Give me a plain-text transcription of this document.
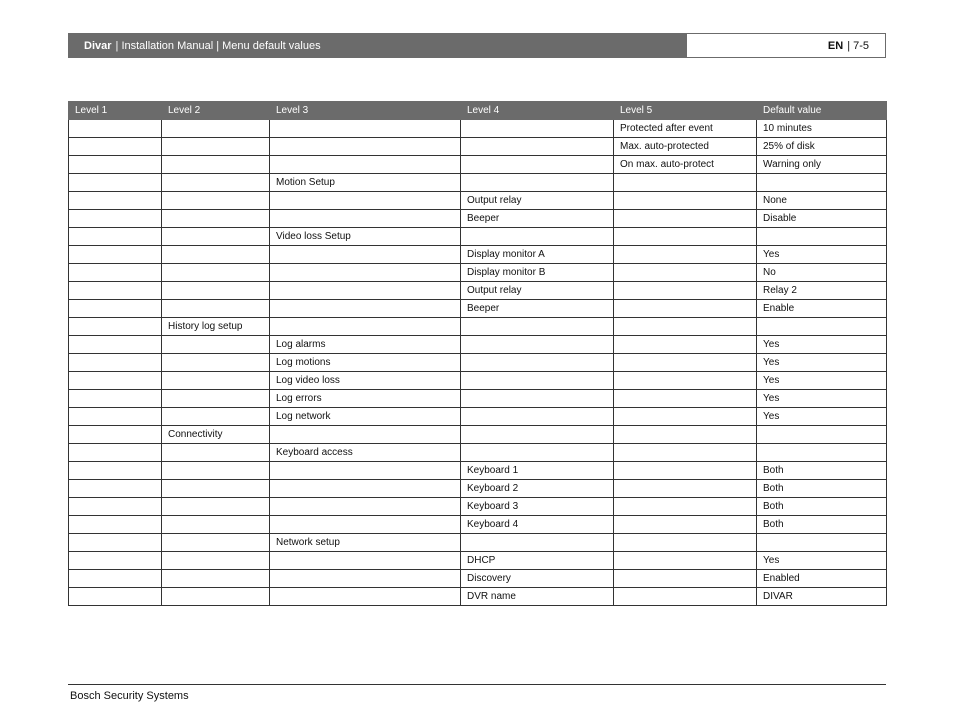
Divar | Installation Manual | Menu default values	EN | 7-5
Level 1	Level 2	Level 3	Level 4	Level 5	Default value
				Protected after event	10 minutes
				Max. auto-protected	25% of disk
				On max. auto-protect	Warning only
		Motion Setup			
			Output relay		None
			Beeper		Disable
		Video loss Setup			
			Display monitor A		Yes
			Display monitor B		No
			Output relay		Relay 2
			Beeper		Enable
	History log setup				
		Log alarms			Yes
		Log motions			Yes
		Log video loss			Yes
		Log errors			Yes
		Log network			Yes
	Connectivity				
		Keyboard access			
			Keyboard 1		Both
			Keyboard 2		Both
			Keyboard 3		Both
			Keyboard 4		Both
		Network setup			
			DHCP		Yes
			Discovery		Enabled
			DVR name		DIVAR
Bosch Security Systems
